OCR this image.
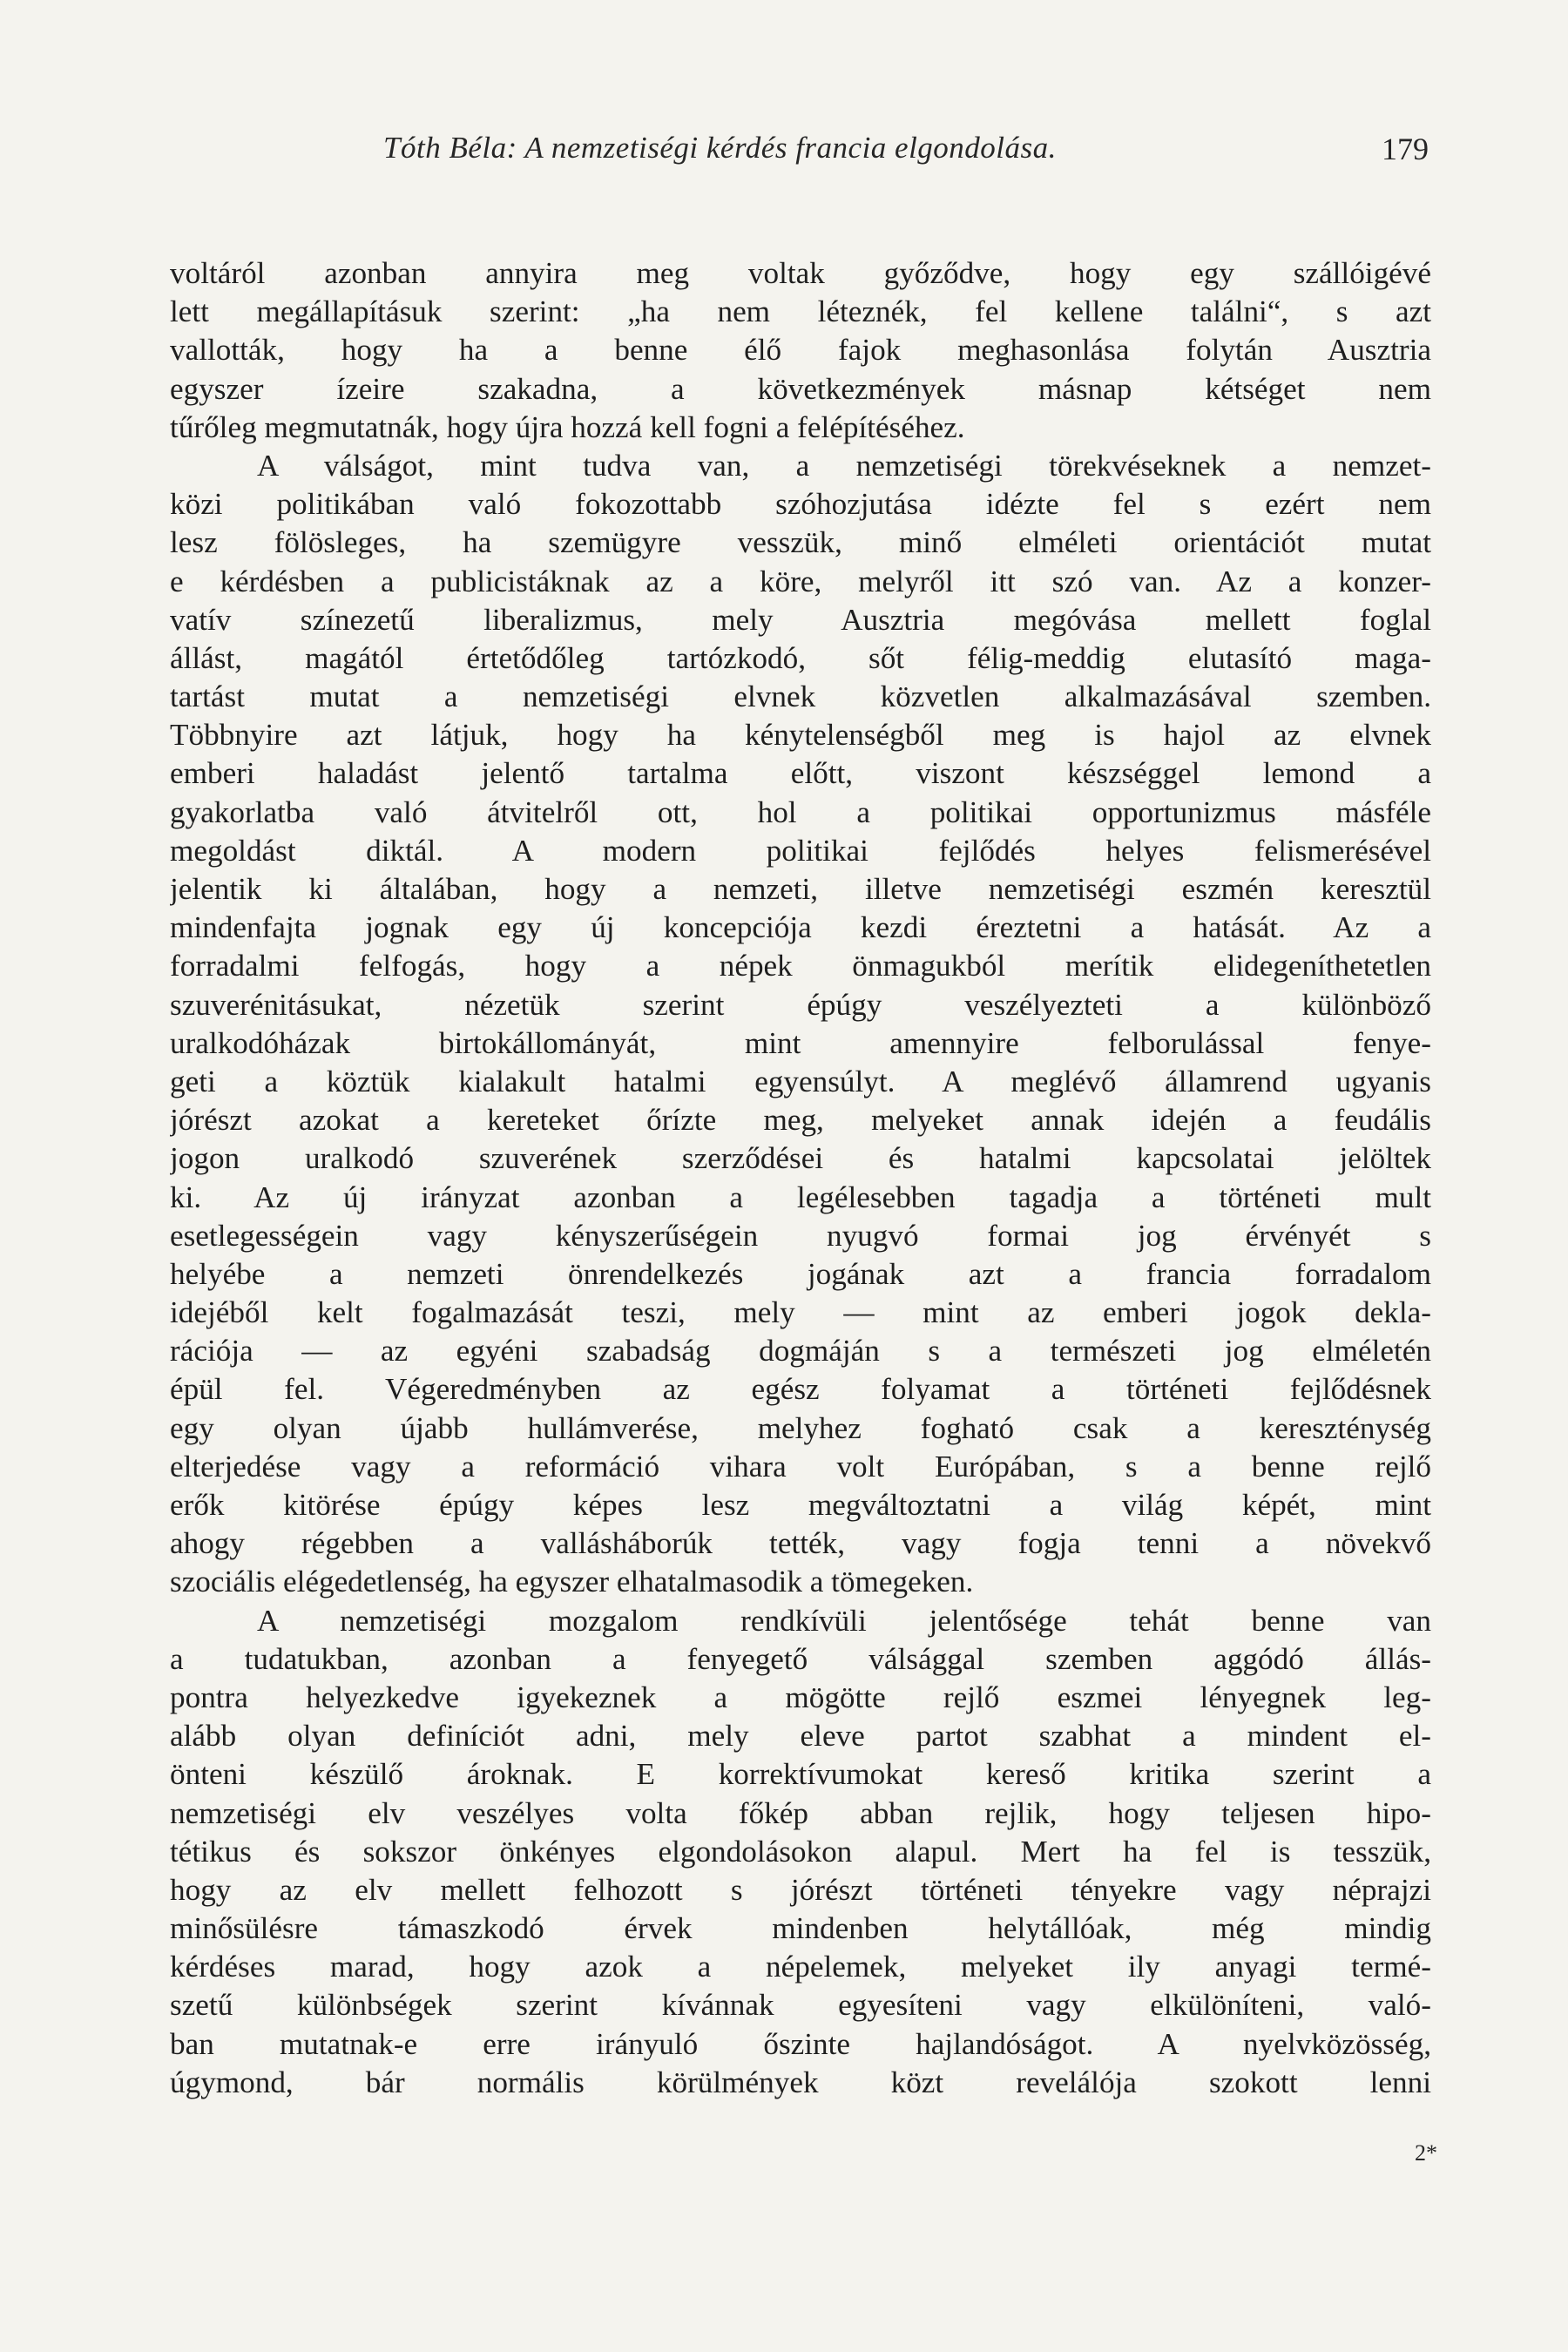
Tóth Béla: A nemzetiségi kérdés francia elgondolása.	179
voltáról azonban annyira meg voltak győződve, hogy egy szállóigévé
lett megállapításuk szerint: „ha nem léteznék, fel kellene találni“, s azt
vallották, hogy ha a benne élő fajok meghasonlása folytán Ausztria
egyszer ízeire szakadna, a következmények másnap kétséget nem
tűrőleg megmutatnák, hogy újra hozzá kell fogni a felépítéséhez.
A válságot, mint tudva van, a nemzetiségi törekvéseknek a nemzet-
közi politikában való fokozottabb szóhozjutása idézte fel s ezért nem
lesz fölösleges, ha szemügyre vesszük, minő elméleti orientációt mutat
e kérdésben a publicistáknak az a köre, melyről itt szó van. Az a konzer-
vatív színezetű liberalizmus, mely Ausztria megóvása mellett foglal
állást, magától értetődőleg tartózkodó, sőt félig-meddig elutasító maga-
tartást mutat a nemzetiségi elvnek közvetlen alkalmazásával szemben.
Többnyire azt látjuk, hogy ha kénytelenségből meg is hajol az elvnek
emberi haladást jelentő tartalma előtt, viszont készséggel lemond a
gyakorlatba való átvitelről ott, hol a politikai opportunizmus másféle
megoldást diktál. A modern politikai fejlődés helyes felismerésével
jelentik ki általában, hogy a nemzeti, illetve nemzetiségi eszmén keresztül
mindenfajta jognak egy új koncepciója kezdi éreztetni a hatását. Az a
forradalmi felfogás, hogy a népek önmagukból merítik elidegeníthetetlen
szuverénitásukat, nézetük szerint épúgy veszélyezteti a különböző
uralkodóházak birtokállományát, mint amennyire felborulással fenye-
geti a köztük kialakult hatalmi egyensúlyt. A meglévő államrend ugyanis
jórészt azokat a kereteket őrízte meg, melyeket annak idején a feudális
jogon uralkodó szuverének szerződései és hatalmi kapcsolatai jelöltek
ki. Az új irányzat azonban a legélesebben tagadja a történeti mult
esetlegességein vagy kényszerűségein nyugvó formai jog érvényét s
helyébe a nemzeti önrendelkezés jogának azt a francia forradalom
idejéből kelt fogalmazását teszi, mely — mint az emberi jogok dekla-
rációja — az egyéni szabadság dogmáján s a természeti jog elméletén
épül fel. Végeredményben az egész folyamat a történeti fejlődésnek
egy olyan újabb hullámverése, melyhez fogható csak a kereszténység
elterjedése vagy a reformáció vihara volt Európában, s a benne rejlő
erők kitörése épúgy képes lesz megváltoztatni a világ képét, mint
ahogy régebben a vallásháborúk tették, vagy fogja tenni a növekvő
szociális elégedetlenség, ha egyszer elhatalmasodik a tömegeken.
A nemzetiségi mozgalom rendkívüli jelentősége tehát benne van
a tudatukban, azonban a fenyegető válsággal szemben aggódó állás-
pontra helyezkedve igyekeznek a mögötte rejlő eszmei lényegnek leg-
alább olyan definíciót adni, mely eleve partot szabhat a mindent el-
önteni készülő ároknak. E korrektívumokat kereső kritika szerint a
nemzetiségi elv veszélyes volta főkép abban rejlik, hogy teljesen hipo-
tétikus és sokszor önkényes elgondolásokon alapul. Mert ha fel is tesszük,
hogy az elv mellett felhozott s jórészt történeti tényekre vagy néprajzi
minősülésre támaszkodó érvek mindenben helytállóak, még mindig
kérdéses marad, hogy azok a népelemek, melyeket ily anyagi termé-
szetű különbségek szerint kívánnak egyesíteni vagy elkülöníteni, való-
ban mutatnak-e erre irányuló őszinte hajlandóságot. A nyelvközösség,
úgymond, bár normális körülmények közt revelálója szokott lenni
2*
